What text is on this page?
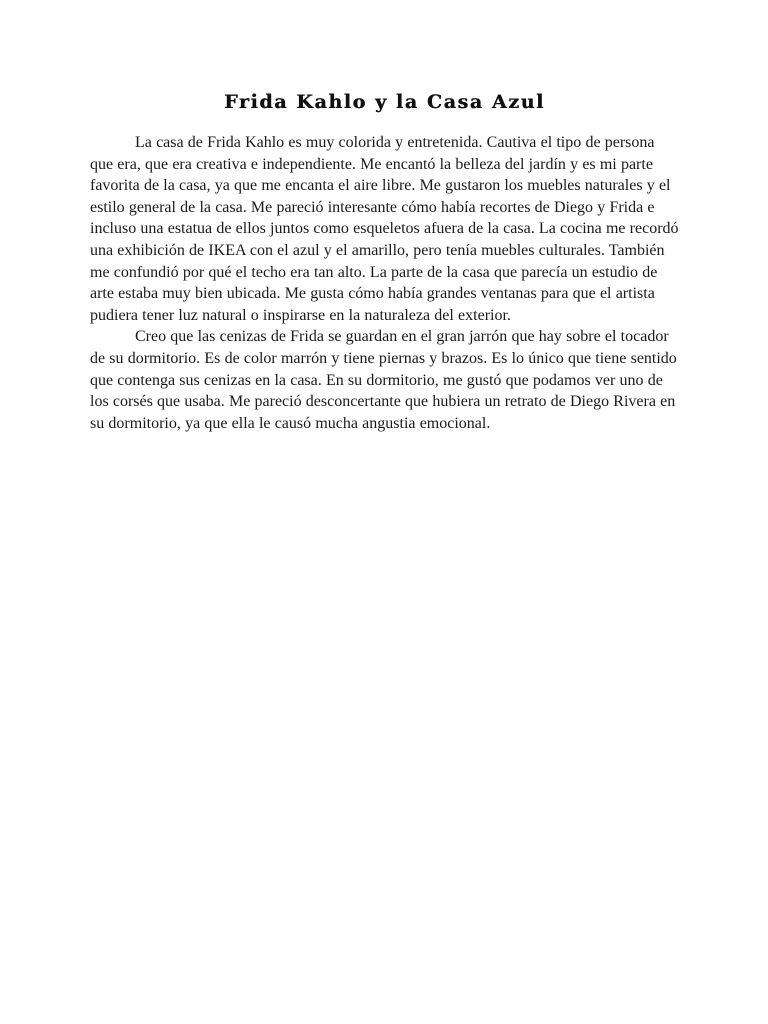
Frida Kahlo y la Casa Azul

La casa de Frida Kahlo es muy colorida y entretenida. Cautiva el tipo de persona que era, que era creativa e independiente. Me encantó la belleza del jardín y es mi parte favorita de la casa, ya que me encanta el aire libre. Me gustaron los muebles naturales y el estilo general de la casa. Me pareció interesante cómo había recortes de Diego y Frida e incluso una estatua de ellos juntos como esqueletos afuera de la casa. La cocina me recordó una exhibición de IKEA con el azul y el amarillo, pero tenía muebles culturales. También me confundió por qué el techo era tan alto. La parte de la casa que parecía un estudio de arte estaba muy bien ubicada. Me gusta cómo había grandes ventanas para que el artista pudiera tener luz natural o inspirarse en la naturaleza del exterior.

Creo que las cenizas de Frida se guardan en el gran jarrón que hay sobre el tocador de su dormitorio. Es de color marrón y tiene piernas y brazos. Es lo único que tiene sentido que contenga sus cenizas en la casa. En su dormitorio, me gustó que podamos ver uno de los corsés que usaba. Me pareció desconcertante que hubiera un retrato de Diego Rivera en su dormitorio, ya que ella le causó mucha angustia emocional.
